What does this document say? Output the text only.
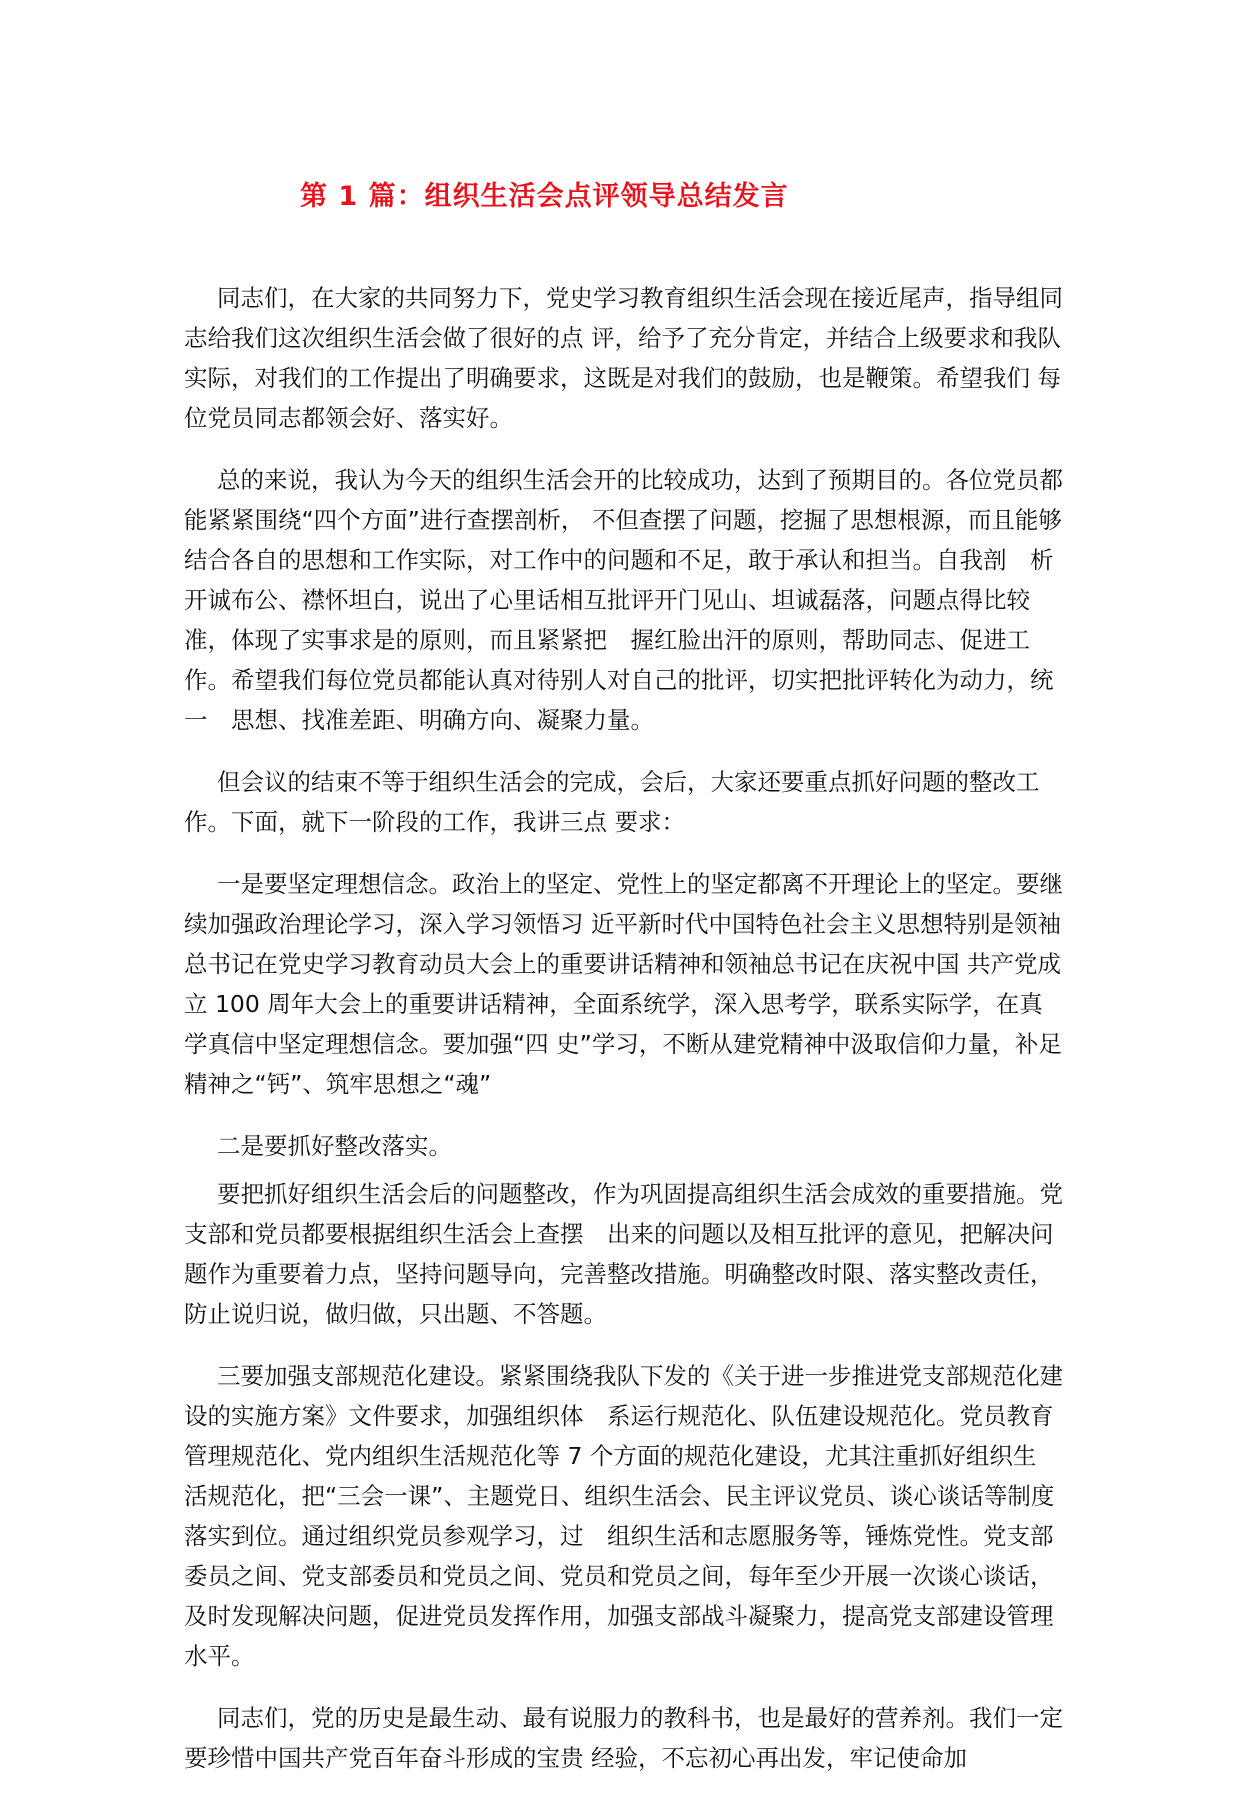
第 1 篇：组织生活会点评领导总结发言

同志们，在大家的共同努力下，党史学习教育组织生活会现在接近尾声，指导组同志给我们这次组织生活会做了很好的点 评，给予了充分肯定，并结合上级要求和我队实际，对我们的工作提出了明确要求，这既是对我们的鼓励，也是鞭策。希望我们 每位党员同志都领会好、落实好。

总的来说，我认为今天的组织生活会开的比较成功，达到了预期目的。各位党员都能紧紧围绕“四个方面”进行查摆剖析， 不但查摆了问题，挖掘了思想根源，而且能够结合各自的思想和工作实际，对工作中的问题和不足，敢于承认和担当。自我剖　析开诚布公、襟怀坦白，说出了心里话相互批评开门见山、坦诚磊落，问题点得比较准，体现了实事求是的原则，而且紧紧把　握红脸出汗的原则，帮助同志、促进工作。希望我们每位党员都能认真对待别人对自己的批评，切实把批评转化为动力，统一　思想、找准差距、明确方向、凝聚力量。

但会议的结束不等于组织生活会的完成，会后，大家还要重点抓好问题的整改工作。下面，就下一阶段的工作，我讲三点 要求：

一是要坚定理想信念。政治上的坚定、党性上的坚定都离不开理论上的坚定。要继续加强政治理论学习，深入学习领悟习 近平新时代中国特色社会主义思想特别是领袖总书记在党史学习教育动员大会上的重要讲话精神和领袖总书记在庆祝中国 共产党成立 100 周年大会上的重要讲话精神，全面系统学，深入思考学，联系实际学，在真学真信中坚定理想信念。要加强“四 史”学习，不断从建党精神中汲取信仰力量，补足精神之“钙”、筑牢思想之“魂”

二是要抓好整改落实。

要把抓好组织生活会后的问题整改，作为巩固提高组织生活会成效的重要措施。党支部和党员都要根据组织生活会上查摆　出来的问题以及相互批评的意见，把解决问题作为重要着力点，坚持问题导向，完善整改措施。明确整改时限、落实整改责任， 防止说归说，做归做，只出题、不答题。

三要加强支部规范化建设。紧紧围绕我队下发的《关于进一步推进党支部规范化建设的实施方案》文件要求，加强组织体　系运行规范化、队伍建设规范化。党员教育管理规范化、党内组织生活规范化等 7 个方面的规范化建设，尤其注重抓好组织生　活规范化，把“三会一课”、主题党日、组织生活会、民主评议党员、谈心谈话等制度落实到位。通过组织党员参观学习，过　组织生活和志愿服务等，锤炼党性。党支部委员之间、党支部委员和党员之间、党员和党员之间，每年至少开展一次谈心谈话， 及时发现解决问题，促进党员发挥作用，加强支部战斗凝聚力，提高党支部建设管理水平。

同志们，党的历史是最生动、最有说服力的教科书，也是最好的营养剂。我们一定要珍惜中国共产党百年奋斗形成的宝贵 经验，不忘初心再出发，牢记使命加
